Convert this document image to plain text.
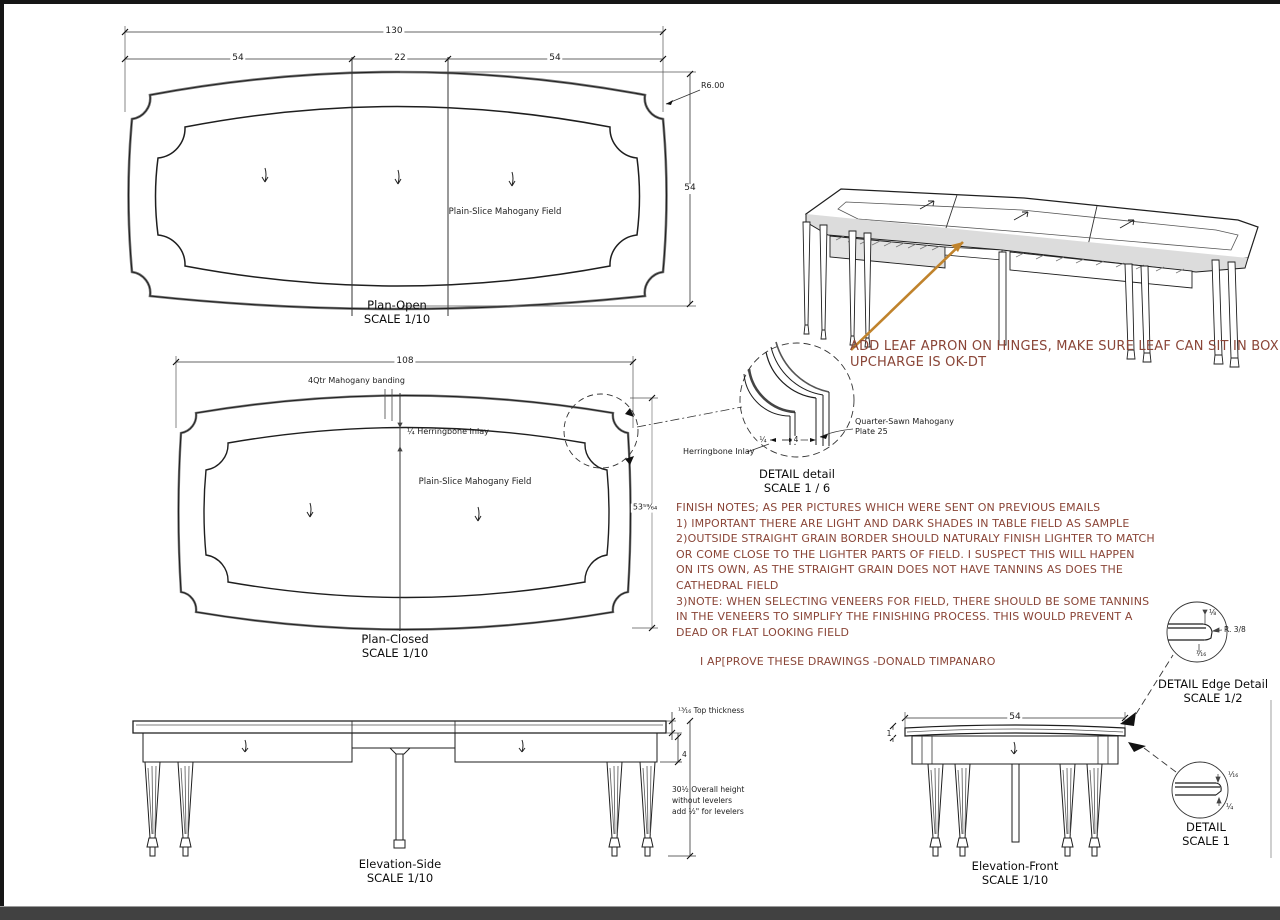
130
54	22	54
54
R6.00
Plain-Slice Mahogany Field
Plan-Open
SCALE 1/10
108
4Qtr Mahogany banding
¼ Herringbone Inlay
Plain-Slice Mahogany Field
53⁵⁹⁄₆₄
Plan-Closed
SCALE 1/10
Herringbone Inlay
Quarter-Sawn Mahogany
Plate 25
¼	4
DETAIL detail
SCALE 1 / 6
ADD LEAF APRON ON HINGES, MAKE SURE LEAF CAN SIT IN BOX
UPCHARGE IS OK-DT
FINISH NOTES; AS PER PICTURES WHICH WERE SENT ON PREVIOUS EMAILS
1) IMPORTANT THERE ARE LIGHT AND DARK SHADES IN TABLE FIELD AS SAMPLE
2)OUTSIDE STRAIGHT GRAIN BORDER SHOULD NATURALY FINISH LIGHTER TO MATCH
OR COME CLOSE TO THE LIGHTER PARTS OF FIELD. I SUSPECT THIS WILL HAPPEN
ON ITS OWN, AS THE STRAIGHT GRAIN DOES NOT HAVE TANNINS AS DOES THE
CATHEDRAL FIELD
3)NOTE: WHEN SELECTING VENEERS FOR FIELD, THERE SHOULD BE SOME TANNINS
IN THE VENEERS TO SIMPLIFY THE FINISHING PROCESS. THIS WOULD PREVENT A
DEAD OR FLAT LOOKING FIELD
I AP[PROVE THESE DRAWINGS -DONALD TIMPANARO
¹³⁄₁₆ Top thickness
4
30½ Overall height
without levelers
add ½" for levelers
Elevation-Side
SCALE 1/10
54
1
Elevation-Front
SCALE 1/10
⅛
¹⁄₁₆
R. 3/8
DETAIL Edge Detail
SCALE 1/2
¹⁄₁₆
¼
DETAIL
SCALE 1
